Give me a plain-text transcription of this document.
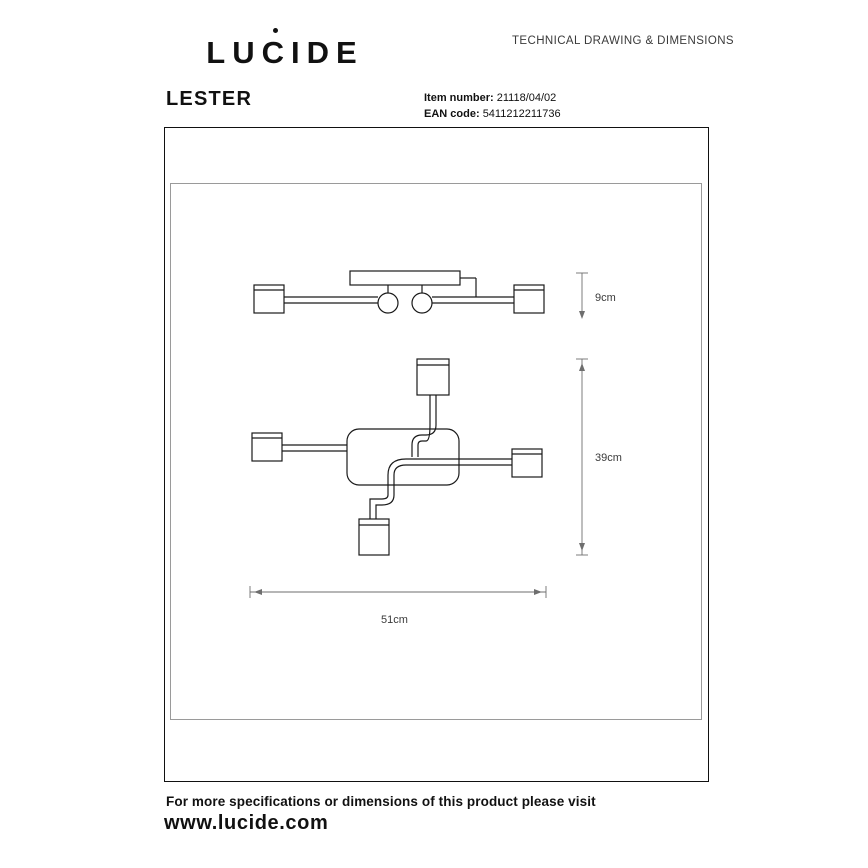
LUCIDE	TECHNICAL DRAWING & DIMENSIONS
LESTER	Item number: 21118/04/02
EAN code: 5411212211736
9cm
39cm
51cm
For more specifications or dimensions of this product please visit
www.lucide.com
